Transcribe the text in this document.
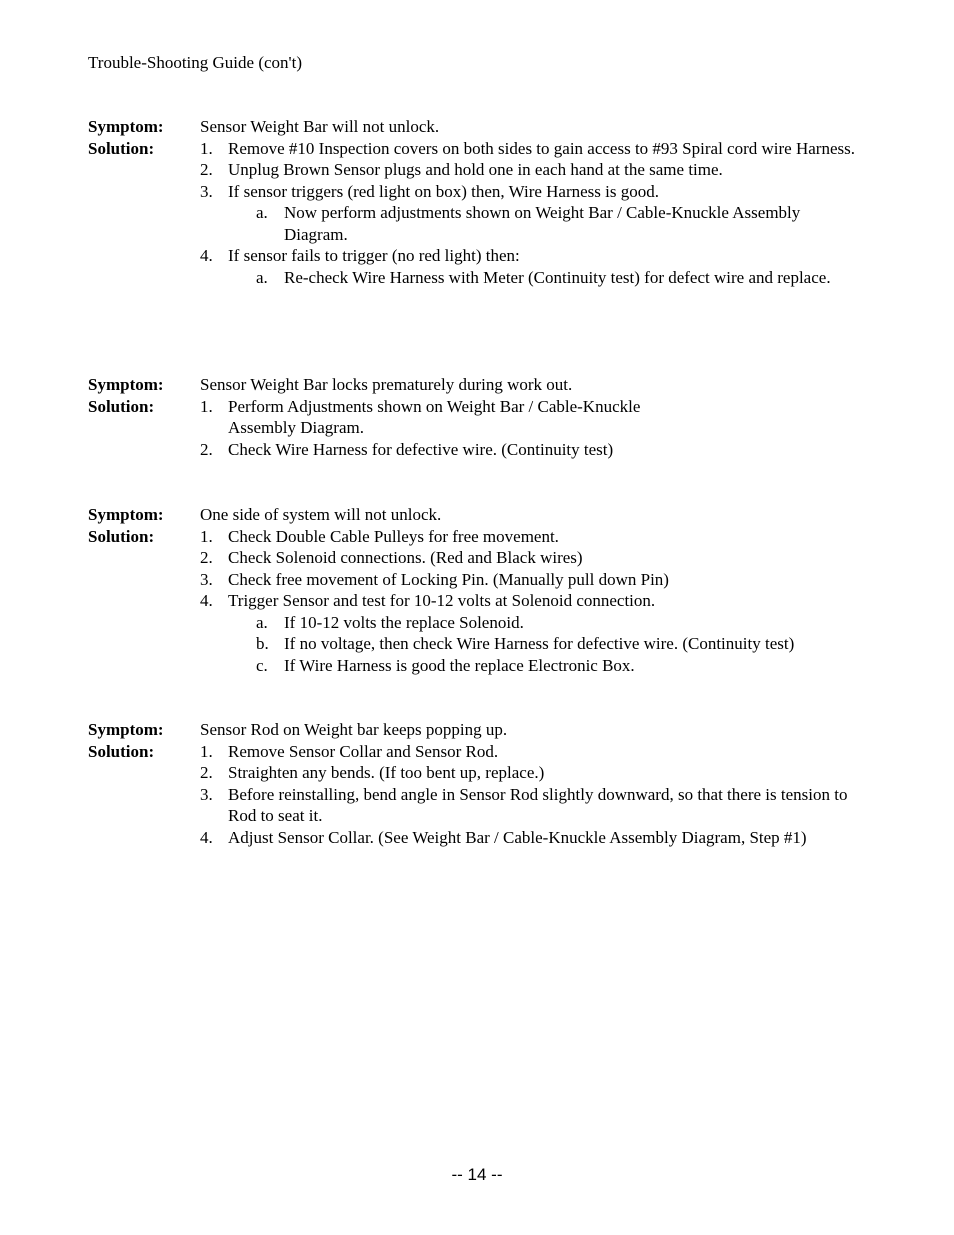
Trouble-Shooting Guide (con't)
Symptom:	Sensor Weight Bar will not unlock.
Solution:	1. Remove #10 Inspection covers on both sides to gain access to #93 Spiral cord wire Harness.
2. Unplug Brown Sensor plugs and hold one in each hand at the same time.
3. If sensor triggers (red light on box) then, Wire Harness is good.
a. Now perform adjustments shown on Weight Bar / Cable-Knuckle Assembly Diagram.
4. If sensor fails to trigger (no red light) then:
a. Re-check Wire Harness with Meter (Continuity test) for defect wire and replace.
Symptom:	Sensor Weight Bar locks prematurely during work out.
Solution:	1. Perform Adjustments shown on Weight Bar / Cable-Knuckle Assembly Diagram.
2. Check Wire Harness for defective wire. (Continuity test)
Symptom:	One side of system will not unlock.
Solution:	1. Check Double Cable Pulleys for free movement.
2. Check Solenoid connections. (Red and Black wires)
3. Check free movement of Locking Pin. (Manually pull down Pin)
4. Trigger Sensor and test for 10-12 volts at Solenoid connection.
a. If 10-12 volts the replace Solenoid.
b. If no voltage, then check Wire Harness for defective wire. (Continuity test)
c. If Wire Harness is good the replace Electronic Box.
Symptom:	Sensor Rod on Weight bar keeps popping up.
Solution:	1. Remove Sensor Collar and Sensor Rod.
2. Straighten any bends. (If too bent up, replace.)
3. Before reinstalling, bend angle in Sensor Rod slightly downward, so that there is tension to Rod to seat it.
4. Adjust Sensor Collar. (See Weight Bar / Cable-Knuckle Assembly Diagram, Step #1)
-- 14 --
